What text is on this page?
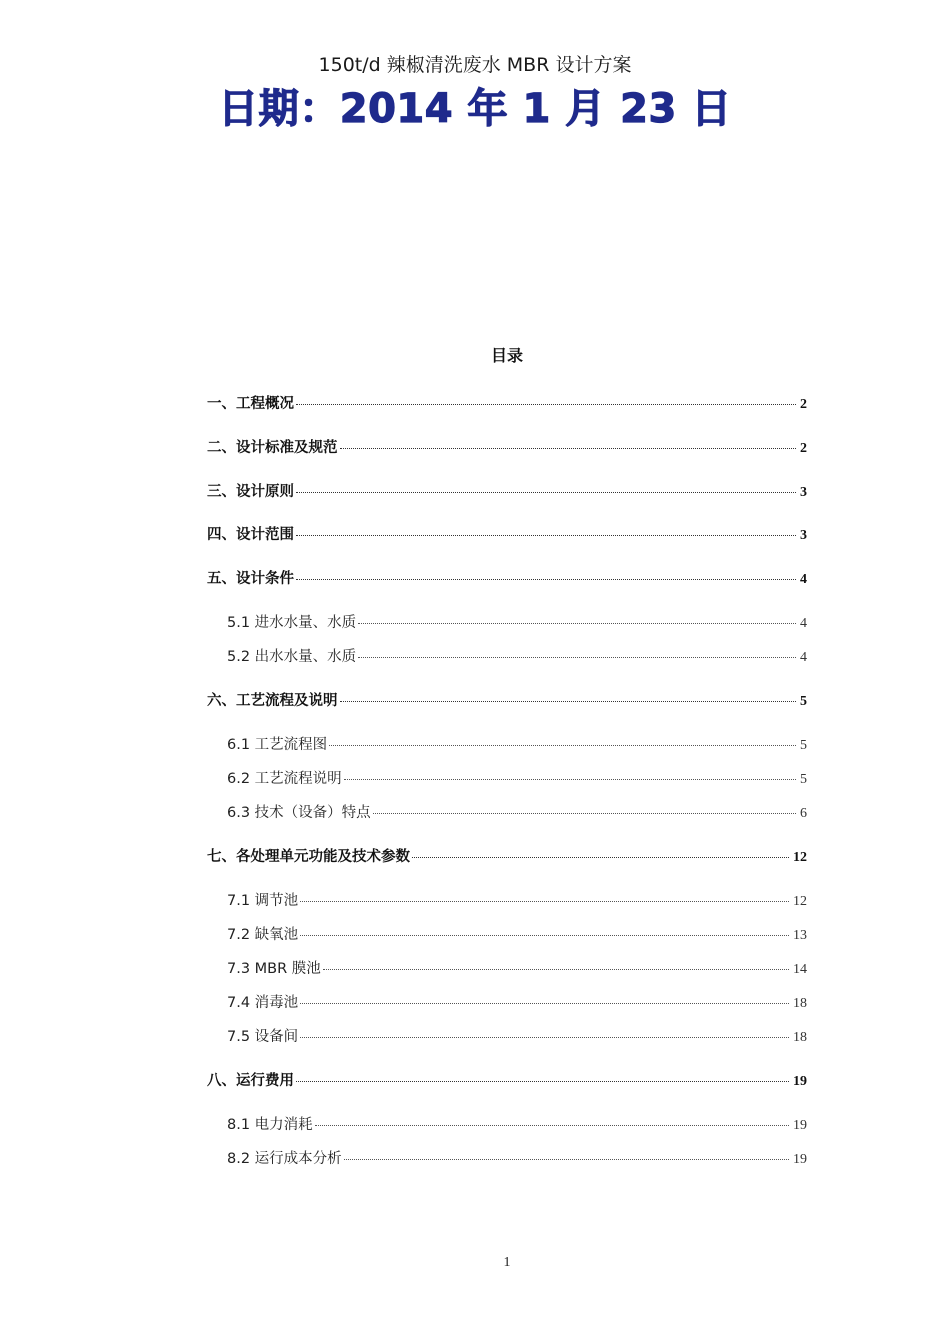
150t/d 辣椒清洗废水 MBR 设计方案
日期：2014 年 1 月 23 日
目录
一、工程概况	2
二、设计标准及规范	2
三、设计原则	3
四、设计范围	3
五、设计条件	4
5.1 进水水量、水质	4
5.2 出水水量、水质	4
六、工艺流程及说明	5
6.1 工艺流程图	5
6.2 工艺流程说明	5
6.3 技术（设备）特点	6
七、各处理单元功能及技术参数	12
7.1 调节池	12
7.2 缺氧池	13
7.3 MBR 膜池	14
7.4 消毒池	18
7.5 设备间	18
八、运行费用	19
8.1 电力消耗	19
8.2 运行成本分析	19
1
